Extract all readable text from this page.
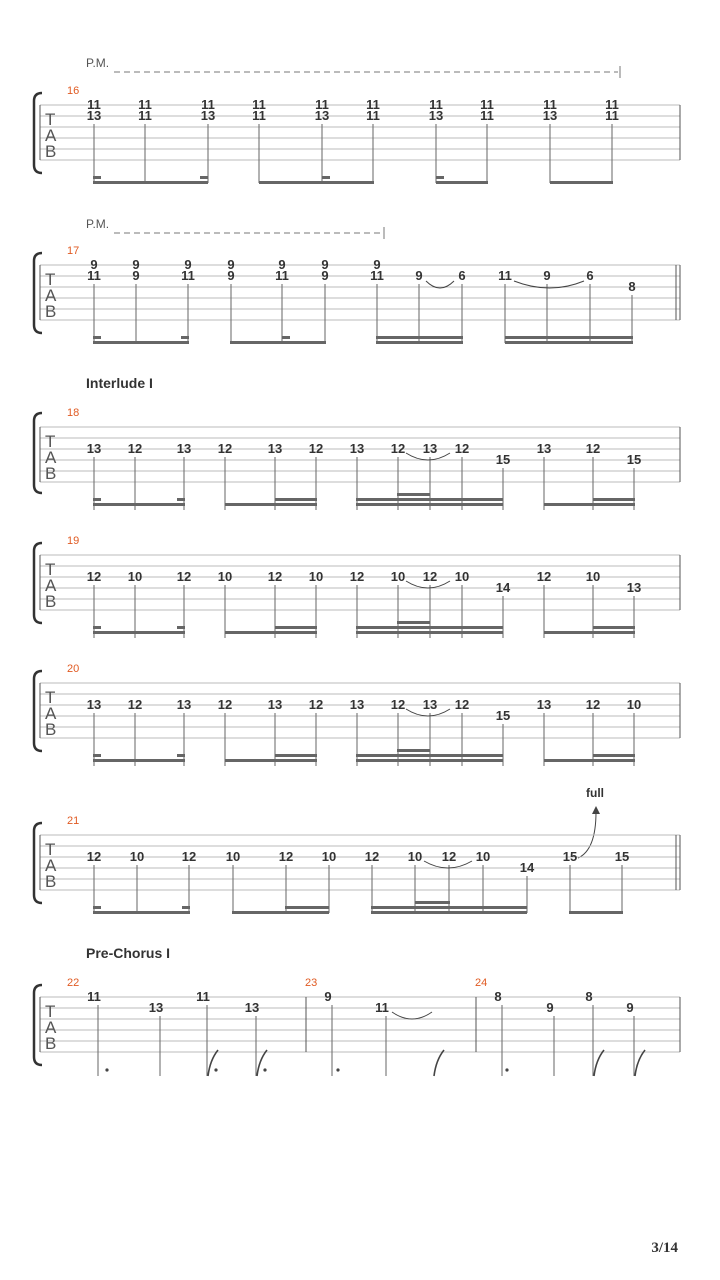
P.M.
16
T
A
B
11
13
11
11
11
13
11
11
11
13
11
11
11
13
11
11
11
13
11
11
P.M.
17
T
A
B
9	9	9	9	9	9	9
11 9	11	9	11	9	11 9	6	11 9	6
8
Interlude I
18
T
A
B
13 12	13 12	13 12 13 12 13 12
15
13	12
15
19
T
A
B
12 10	12 10	12 10 12 10 12 10
14
12	10
13
20
T
A
B
13 12	13 12	13 12 13 12 13 12
15
13	12 10
full
21
T
A
B
12 10	12 10	12 10 12 10 12 10
14
15	15
Pre-Chorus I
22	23	24
T
A
B
11
13
11
13
9
11
8
9
8
9
3/14
